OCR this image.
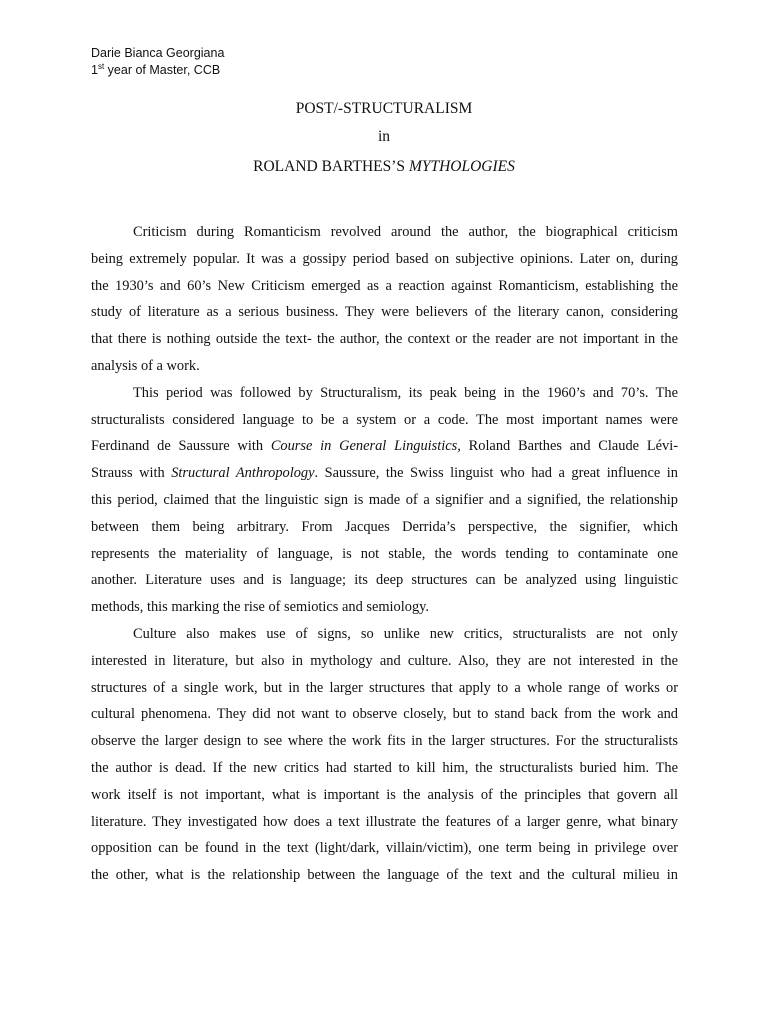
Darie Bianca Georgiana
1st year of Master, CCB
POST/-STRUCTURALISM
in
ROLAND BARTHES’S MYTHOLOGIES
Criticism during Romanticism revolved around the author, the biographical criticism
being extremely popular. It was a gossipy period based on subjective opinions. Later on, during
the 1930’s and 60’s New Criticism emerged as a reaction against Romanticism, establishing the
study of literature as a serious business. They were believers of the literary canon, considering
that there is nothing outside the text- the author, the context or the reader are not important in the
analysis of a work.
This period was followed by Structuralism, its peak being in the 1960’s and 70’s. The
structuralists considered language to be a system or a code. The most important names were
Ferdinand de Saussure with Course in General Linguistics, Roland Barthes and Claude Lévi-
Strauss with Structural Anthropology. Saussure, the Swiss linguist who had a great influence in
this period, claimed that the linguistic sign is made of a signifier and a signified, the relationship
between them being arbitrary. From Jacques Derrida’s perspective, the signifier, which
represents the materiality of language, is not stable, the words tending to contaminate one
another. Literature uses and is language; its deep structures can be analyzed using linguistic
methods, this marking the rise of semiotics and semiology.
Culture also makes use of signs, so unlike new critics, structuralists are not only
interested in literature, but also in mythology and culture. Also, they are not interested in the
structures of a single work, but in the larger structures that apply to a whole range of works or
cultural phenomena. They did not want to observe closely, but to stand back from the work and
observe the larger design to see where the work fits in the larger structures. For the structuralists
the author is dead. If the new critics had started to kill him, the structuralists buried him. The
work itself is not important, what is important is the analysis of the principles that govern all
literature. They investigated how does a text illustrate the features of a larger genre, what binary
opposition can be found in the text (light/dark, villain/victim), one term being in privilege over
the other, what is the relationship between the language of the text and the cultural milieu in
